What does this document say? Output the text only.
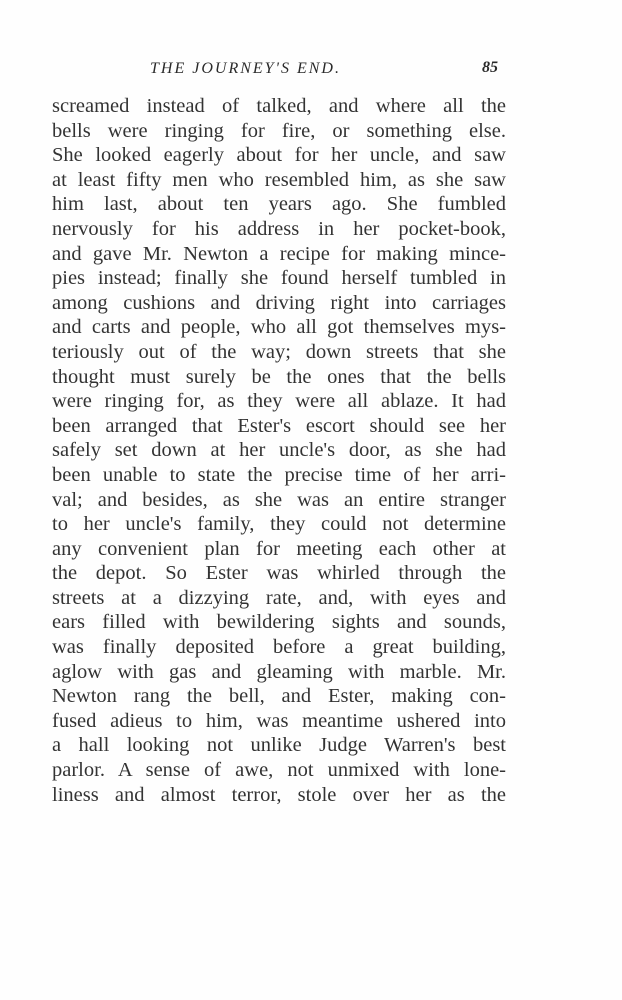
THE JOURNEY'S END.	85
screamed instead of talked, and where all the
bells were ringing for fire, or something else.
She looked eagerly about for her uncle, and saw
at least fifty men who resembled him, as she saw
him last, about ten years ago. She fumbled
nervously for his address in her pocket-book,
and gave Mr. Newton a recipe for making mince-
pies instead; finally she found herself tumbled in
among cushions and driving right into carriages
and carts and people, who all got themselves mys-
teriously out of the way; down streets that she
thought must surely be the ones that the bells
were ringing for, as they were all ablaze. It had
been arranged that Ester's escort should see her
safely set down at her uncle's door, as she had
been unable to state the precise time of her arri-
val; and besides, as she was an entire stranger
to her uncle's family, they could not determine
any convenient plan for meeting each other at
the depot. So Ester was whirled through the
streets at a dizzying rate, and, with eyes and
ears filled with bewildering sights and sounds,
was finally deposited before a great building,
aglow with gas and gleaming with marble. Mr.
Newton rang the bell, and Ester, making con-
fused adieus to him, was meantime ushered into
a hall looking not unlike Judge Warren's best
parlor. A sense of awe, not unmixed with lone-
liness and almost terror, stole over her as the
